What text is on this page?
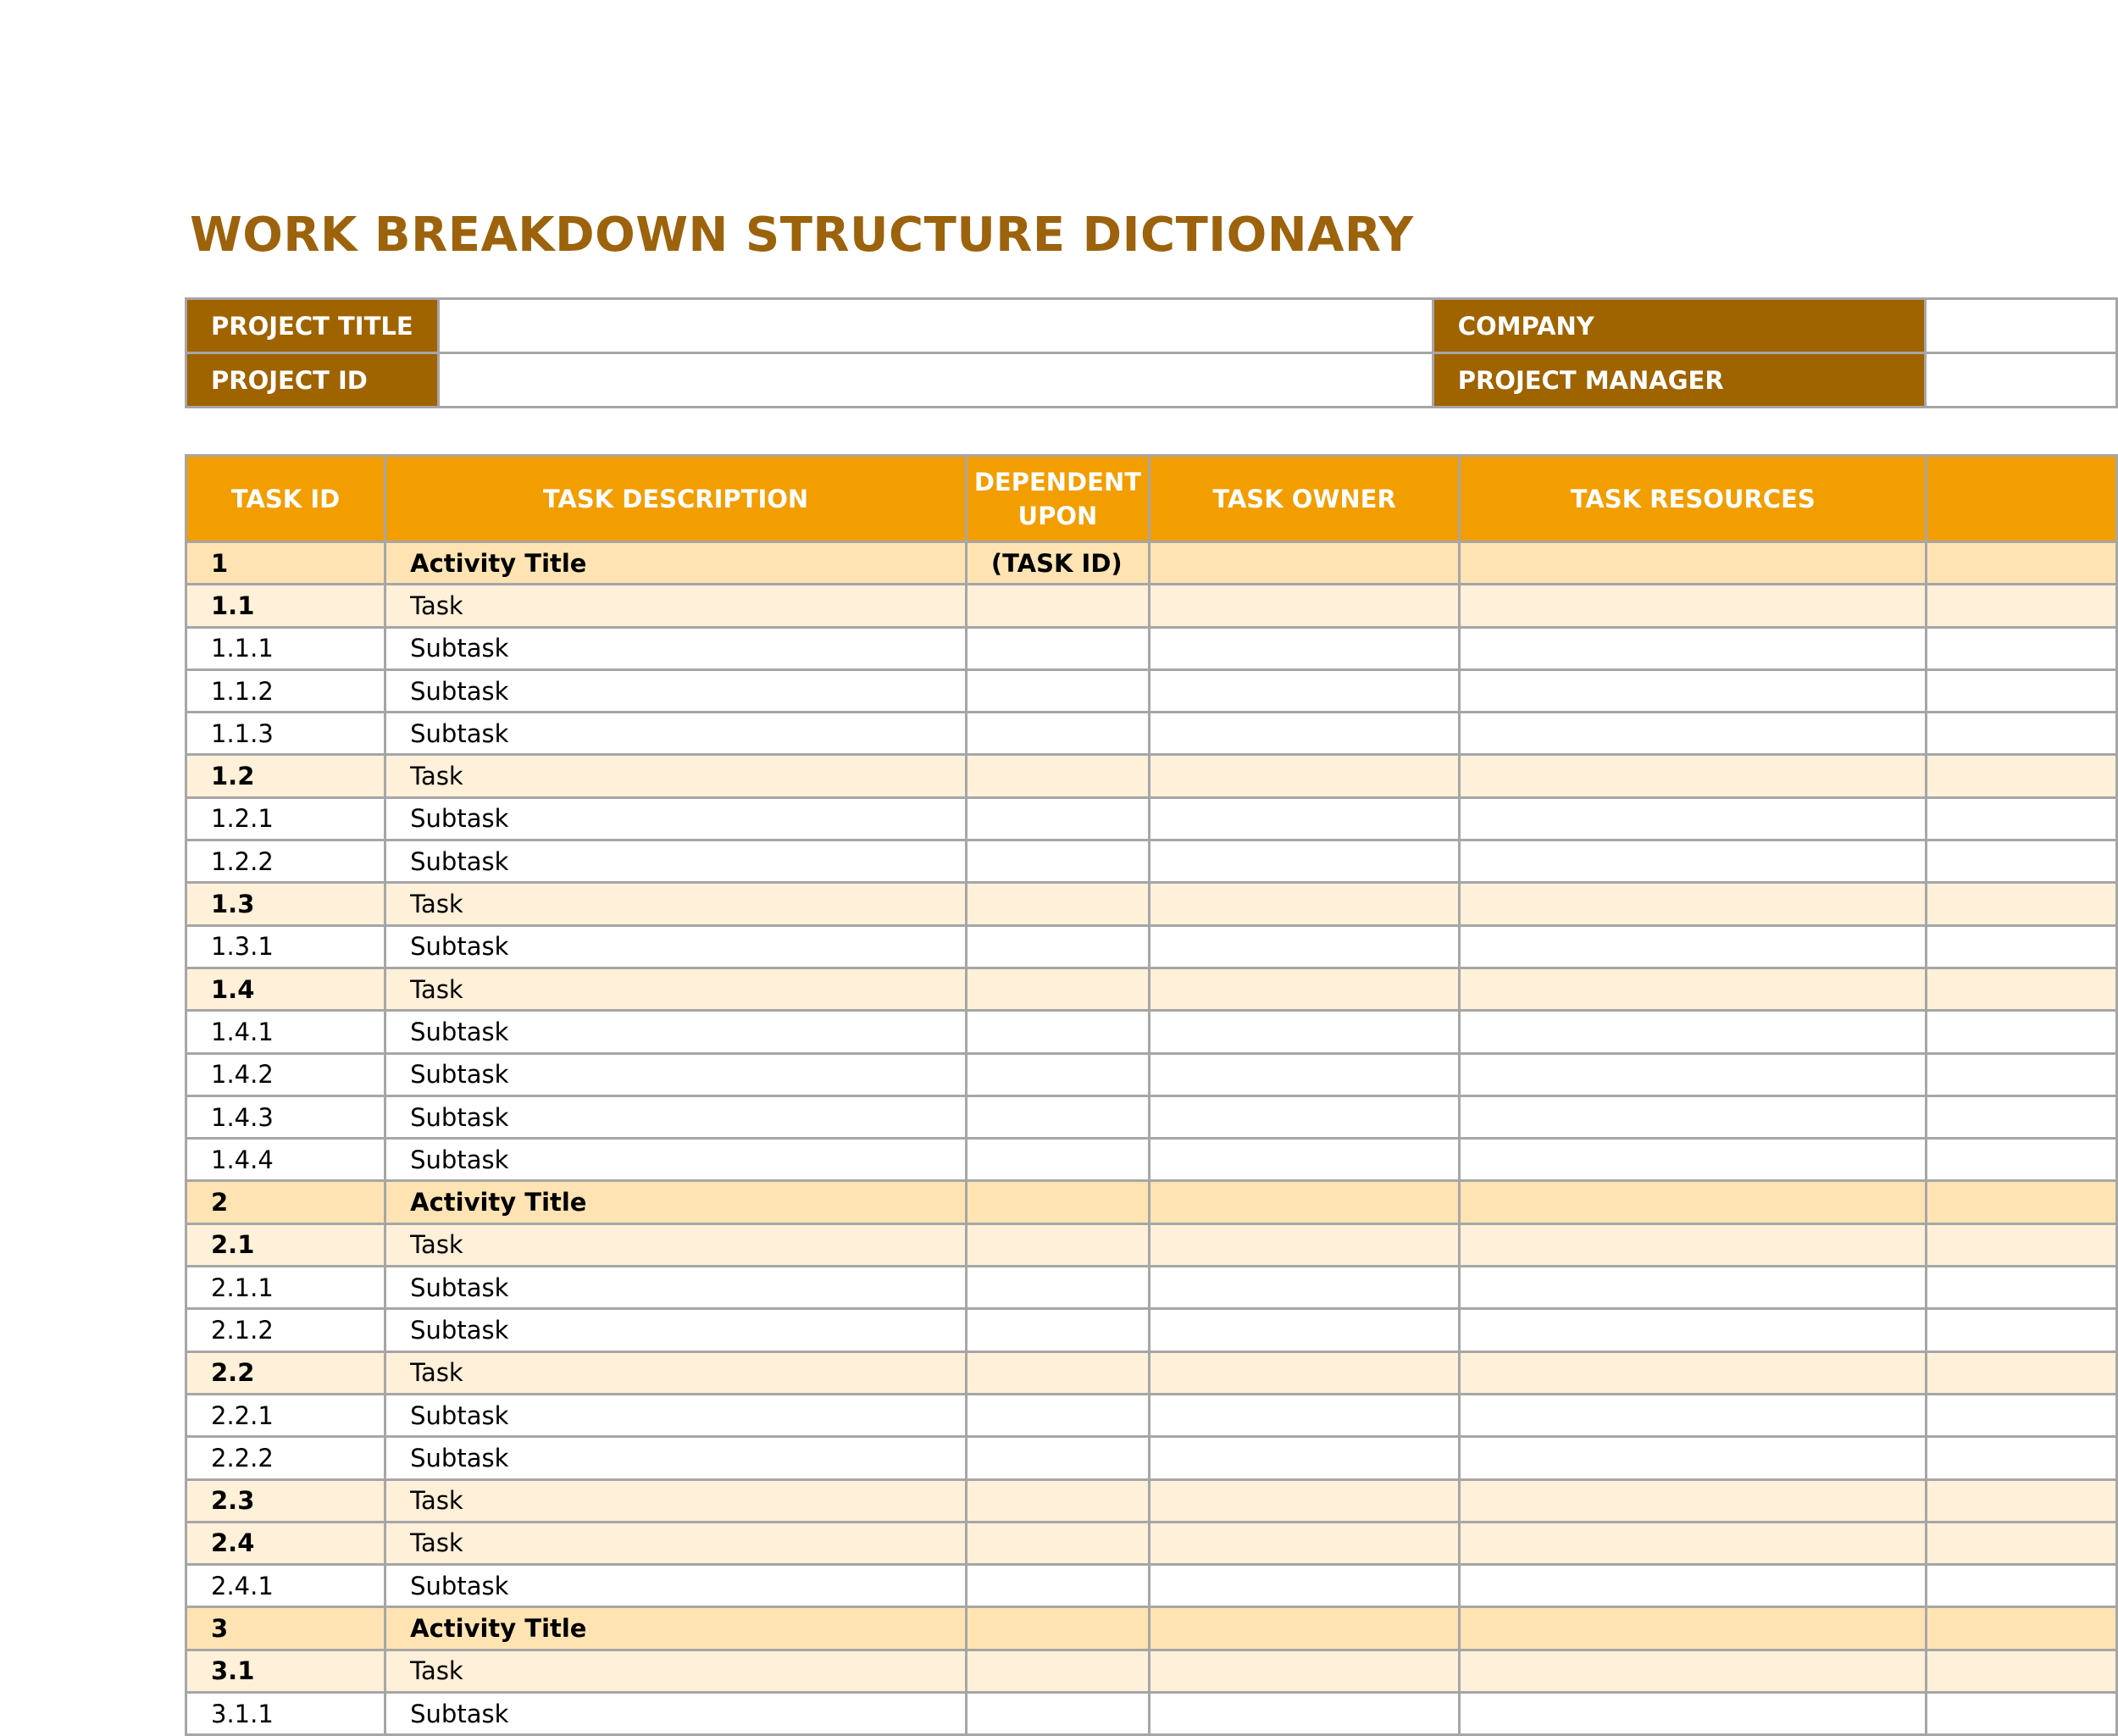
WORK BREAKDOWN STRUCTURE DICTIONARY
PROJECT TITLE		COMPANY	
PROJECT ID		PROJECT MANAGER	
TASK ID	TASK DESCRIPTION	DEPENDENT UPON	TASK OWNER	TASK RESOURCES	
1	Activity Title	(TASK ID)			
1.1	Task				
1.1.1	Subtask				
1.1.2	Subtask				
1.1.3	Subtask				
1.2	Task				
1.2.1	Subtask				
1.2.2	Subtask				
1.3	Task				
1.3.1	Subtask				
1.4	Task				
1.4.1	Subtask				
1.4.2	Subtask				
1.4.3	Subtask				
1.4.4	Subtask				
2	Activity Title				
2.1	Task				
2.1.1	Subtask				
2.1.2	Subtask				
2.2	Task				
2.2.1	Subtask				
2.2.2	Subtask				
2.3	Task				
2.4	Task				
2.4.1	Subtask				
3	Activity Title				
3.1	Task				
3.1.1	Subtask				
